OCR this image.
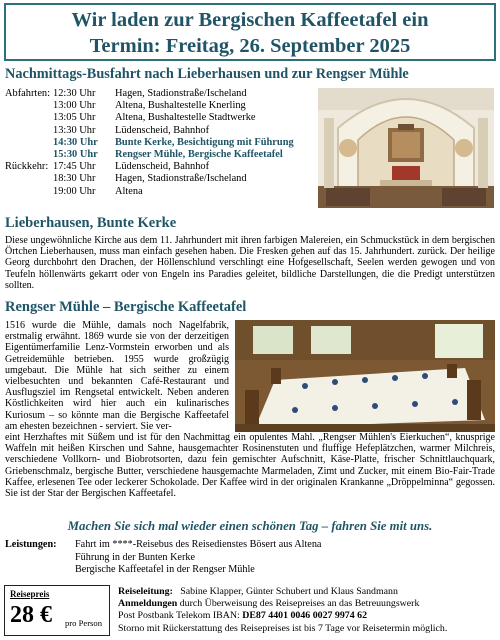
Wir laden zur Bergischen Kaffeetafel ein
Termin: Freitag, 26. September 2025
Nachmittags-Busfahrt nach Lieberhausen und zur Rengser Mühle
Abfahrten: 12:30 Uhr	Hagen, Stadionstraße/Ischeland
13:00 Uhr	Altena, Bushaltestelle Knerling
13:05 Uhr	Altena, Bushaltestelle Stadtwerke
13:30 Uhr	Lüdenscheid, Bahnhof
14:30 Uhr	Bunte Kerke, Besichtigung mit Führung
15:30 Uhr	Rengser Mühle, Bergische Kaffeetafel
Rückkehr: 17:45 Uhr	Lüdenscheid, Bahnhof
18:30 Uhr	Hagen, Stadionstraße/Ischeland
19:00 Uhr	Altena
Lieberhausen, Bunte Kerke
Diese ungewöhnliche Kirche aus dem 11. Jahrhundert mit ihren farbigen Malereien, ein Schmuckstück in dem bergischen Örtchen Lieberhausen, muss man einfach gesehen haben. Die Fresken gehen auf das 15. Jahrhundert. zurück. Der heilige Georg durchbohrt den Drachen, der Höllenschlund verschlingt eine Hofgesellschaft, Seelen werden gewogen und von Teufeln höllenwärts gekarrt oder von Engeln ins Paradies geleitet, bildliche Darstellungen, die die Predigt unterstützen sollten.
Rengser Mühle – Bergische Kaffeetafel
1516 wurde die Mühle, damals noch Nagelfabrik, erstmalig erwähnt. 1869 wurde sie von der derzeitigen Eigentümerfamilie Lenz-Vormstein erworben und als Getreidemühle betrieben. 1955 wurde großzügig umgebaut. Die Mühle hat sich seither zu einem vielbesuchten und bekannten Café-Restaurant und Ausflugsziel im Rengsetal entwickelt. Neben anderen Köstlichkeiten wird hier auch ein kulinarisches Kuriosum – so könnte man die Bergische Kaffeetafel am ehesten bezeichnen - serviert. Sie ver-
eint Herzhaftes mit Süßem und ist für den Nachmittag ein opulentes Mahl. „Rengser Mühlen's Eierkuchen“, knusprige Waffeln mit heißen Kirschen und Sahne, hausgemachter Rosinenstuten und fluffige Hefeplätzchen, warmer Milchreis, verschiedene Vollkorn- und Biobrotsorten, dazu fein gemischter Aufschnitt, Käse-Platte, frischer Schnittlauchquark, Griebenschmalz, bergische Butter, verschiedene hausgemachte Marmeladen, Zimt und Zucker, mit einem Bio-Fair-Trade Kaffee, erlesenen Tee oder leckerer Schokolade. Der Kaffee wird in der originalen Krankanne „Dröppelminna“ gegossen. Sie ist der Star der Bergischen Kaffeetafel.
Machen Sie sich mal wieder einen schönen Tag – fahren Sie mit uns.
Leistungen: Fahrt im ****-Reisebus des Reisedienstes Bösert aus Altena
Führung in der Bunten Kerke
Bergische Kaffeetafel in der Rengser Mühle
Reisepreis
28 € pro Person
Reiseleitung: Sabine Klapper, Günter Schubert und Klaus Sandmann
Anmeldungen durch Überweisung des Reisepreises an das Betreuungswerk
Post Postbank Telekom IBAN: DE87 4401 0046 0027 9974 62
Storno mit Rückerstattung des Reisepreises ist bis 7 Tage vor Reisetermin möglich.
